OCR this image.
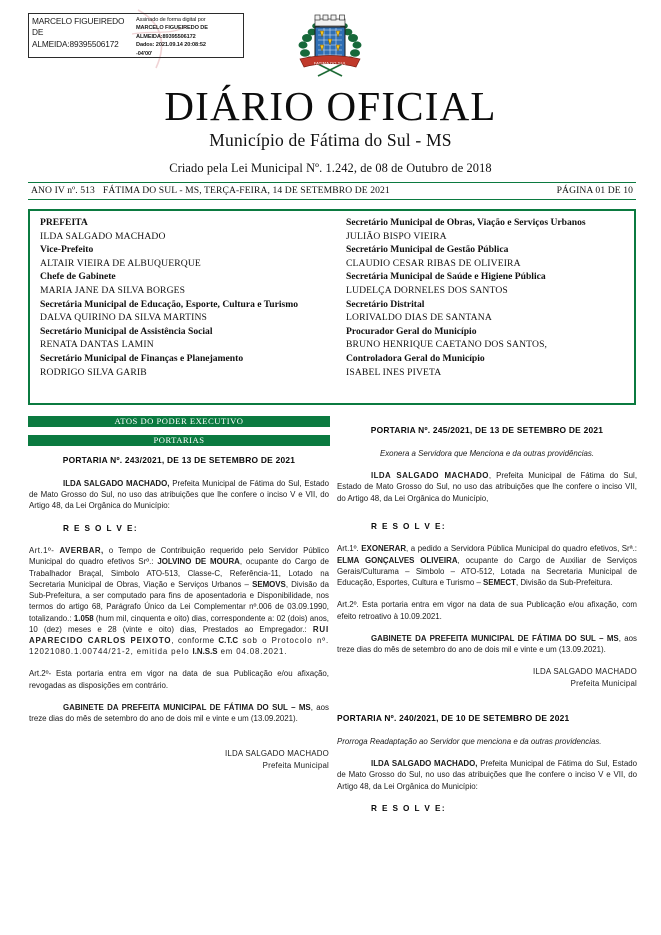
MARCELO FIGUEIREDO DE ALMEIDA:89395506172
Assinado de forma digital por
MARCELO FIGUEIREDO DE
ALMEIDA:89395506172
Dados: 2021.09.14 20:08:52
-04'00'
FATIMA DO SUL
DIÁRIO OFICIAL
Município de Fátima do Sul - MS
Criado pela Lei Municipal Nº. 1.242, de 08 de Outubro de 2018
ANO IV nº. 513 FÁTIMA DO SUL - MS, TERÇA-FEIRA, 14 DE SETEMBRO DE 2021	PÁGINA 01 DE 10
PREFEITA
ILDA SALGADO MACHADO
Vice-Prefeito
ALTAIR VIEIRA DE ALBUQUERQUE
Chefe de Gabinete
MARIA JANE DA SILVA BORGES
Secretária Municipal de Educação, Esporte, Cultura e Turismo
DALVA QUIRINO DA SILVA MARTINS
Secretário Municipal de Assistência Social
RENATA DANTAS LAMIN
Secretário Municipal de Finanças e Planejamento
RODRIGO SILVA GARIB
Secretário Municipal de Obras, Viação e Serviços Urbanos
JULIÃO BISPO VIEIRA
Secretário Municipal de Gestão Pública
CLAUDIO CESAR RIBAS DE OLIVEIRA
Secretária Municipal de Saúde e Higiene Pública
LUDELÇA DORNELES DOS SANTOS
Secretário Distrital
LORIVALDO DIAS DE SANTANA
Procurador Geral do Município
BRUNO HENRIQUE CAETANO DOS SANTOS,
Controladora Geral do Município
ISABEL INES PIVETA
ATOS DO PODER EXECUTIVO
PORTARIAS
PORTARIA Nº. 243/2021, DE 13 DE SETEMBRO DE 2021
ILDA SALGADO MACHADO, Prefeita Municipal de Fátima do Sul, Estado de Mato Grosso do Sul, no uso das atribuições que lhe confere o inciso V e VII, do Artigo 48, da Lei Orgânica do Município:
R E S O L V E:
Art.1º- AVERBAR, o Tempo de Contribuição requerido pelo Servidor Público Municipal do quadro efetivos Srº.: JOLVINO DE MOURA, ocupante do Cargo de Trabalhador Braçal, Simbolo ATO-513, Classe-C, Referência-11, Lotado na Secretaria Municipal de Obras, Viação e Serviços Urbanos – SEMOVS, Divisão da Sub-Prefeitura, a ser computado para fins de aposentadoria e Disponibilidade, nos termos do artigo 68, Parágrafo Único da Lei Complementar nº.006 de 03.09.1990, totalizando.: 1.058 (hum mil, cinquenta e oito) dias, correspondente a: 02 (dois) anos, 10 (dez) meses e 28 (vinte e oito) dias, Prestados ao Empregador.: RUI APARECIDO CARLOS PEIXOTO, conforme C.T.C sob o Protocolo nº. 12021080.1.00744/21-2, emitida pelo I.N.S.S em 04.08.2021.
Art.2º- Esta portaria entra em vigor na data de sua Publicação e/ou afixação, revogadas as disposições em contrário.
GABINETE DA PREFEITA MUNICIPAL DE FÁTIMA DO SUL – MS, aos treze dias do mês de setembro do ano de dois mil e vinte e um (13.09.2021).
ILDA SALGADO MACHADO
Prefeita Municipal
PORTARIA Nº. 245/2021, DE 13 DE SETEMBRO DE 2021
Exonera a Servidora que Menciona e da outras providências.
ILDA SALGADO MACHADO, Prefeita Municipal de Fátima do Sul, Estado de Mato Grosso do Sul, no uso das atribuições que lhe confere o inciso VII, do Artigo 48, da Lei Orgânica do Município,
R E S O L V E:
Art.1º. EXONERAR, a pedido a Servidora Pública Municipal do quadro efetivos, Srª.: ELMA GONÇALVES OLIVEIRA, ocupante do Cargo de Auxiliar de Serviços Gerais/Culturama – Simbolo – ATO-512, Lotada na Secretaria Municipal de Educação, Esportes, Cultura e Turismo – SEMECT, Divisão da Sub-Prefeitura.
Art.2º. Esta portaria entra em vigor na data de sua Publicação e/ou afixação, com efeito retroativo à 10.09.2021.
GABINETE DA PREFEITA MUNICIPAL DE FÁTIMA DO SUL – MS, aos treze dias do mês de setembro do ano de dois mil e vinte e um (13.09.2021).
ILDA SALGADO MACHADO
Prefeita Municipal
PORTARIA Nº. 240/2021, DE 10 DE SETEMBRO DE 2021
Prorroga Readaptação ao Servidor que menciona e da outras providencias.
ILDA SALGADO MACHADO, Prefeita Municipal de Fátima do Sul, Estado de Mato Grosso do Sul, no uso das atribuições que lhe confere o inciso V e VII, do Artigo 48, da Lei Orgânica do Município:
R E S O L V E:
